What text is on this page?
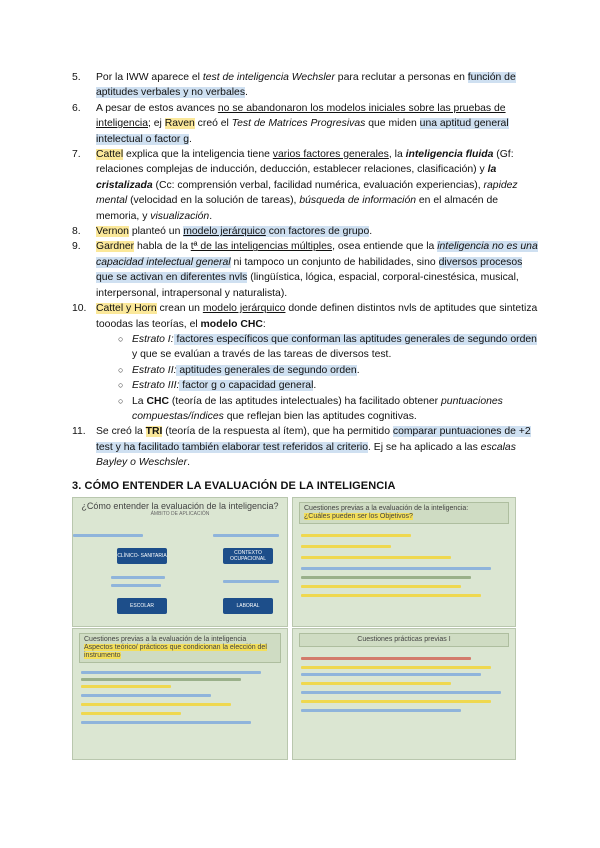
5. Por la IWW aparece el test de inteligencia Wechsler para reclutar a personas en función de aptitudes verbales y no verbales.
6. A pesar de estos avances no se abandonaron los modelos iniciales sobre las pruebas de inteligencia; ej Raven creó el Test de Matrices Progresivas que miden una aptitud general intelectual o factor g.
7. Cattel explica que la inteligencia tiene varios factores generales, la inteligencia fluida (Gf: relaciones complejas de inducción, deducción, establecer relaciones, clasificación) y la cristalizada (Cc: comprensión verbal, facilidad numérica, evaluación experiencias), rapidez mental (velocidad en la solución de tareas), búsqueda de información en el almacén de memoria, y visualización.
8. Vernon planteó un modelo jerárquico con factores de grupo.
9. Gardner habla de la tª de las inteligencias múltiples, osea entiende que la inteligencia no es una capacidad intelectual general ni tampoco un conjunto de habilidades, sino diversos procesos que se activan en diferentes nvls (lingüística, lógica, espacial, corporal-cinestésica, musical, interpersonal, intrapersonal y naturalista).
10. Cattel y Horn crean un modelo jerárquico donde definen distintos nvls de aptitudes que sintetiza tooodas las teorías, el modelo CHC:
○ Estrato I: factores específicos que conforman las aptitudes generales de segundo orden y que se evalúan a través de las tareas de diversos test.
○ Estrato II: aptitudes generales de segundo orden.
○ Estrato III: factor g o capacidad general.
○ La CHC (teoría de las aptitudes intelectuales) ha facilitado obtener puntuaciones compuestas/índices que reflejan bien las aptitudes cognitivas.
11. Se creó la TRI (teoría de la respuesta al ítem), que ha permitido comparar puntuaciones de +2 test y ha facilitado también elaborar test referidos al criterio. Ej se ha aplicado a las escalas Bayley o Weschsler.
3. CÓMO ENTENDER LA EVALUACIÓN DE LA INTELIGENCIA
¿Cómo entender la evaluación de la inteligencia?
ÁMBITO DE APLICACIÓN
CLÍNICO- SANITARIA	CONTEXTO OCUPACIONAL
ESCOLAR	LABORAL
Cuestiones previas a la evaluación de la inteligencia:
¿Cuáles pueden ser los Objetivos?
Cuestiones previas a la evaluación de la inteligencia
Aspectos teórico/ prácticos que condicionan la elección del instrumento
Cuestiones prácticas previas I
